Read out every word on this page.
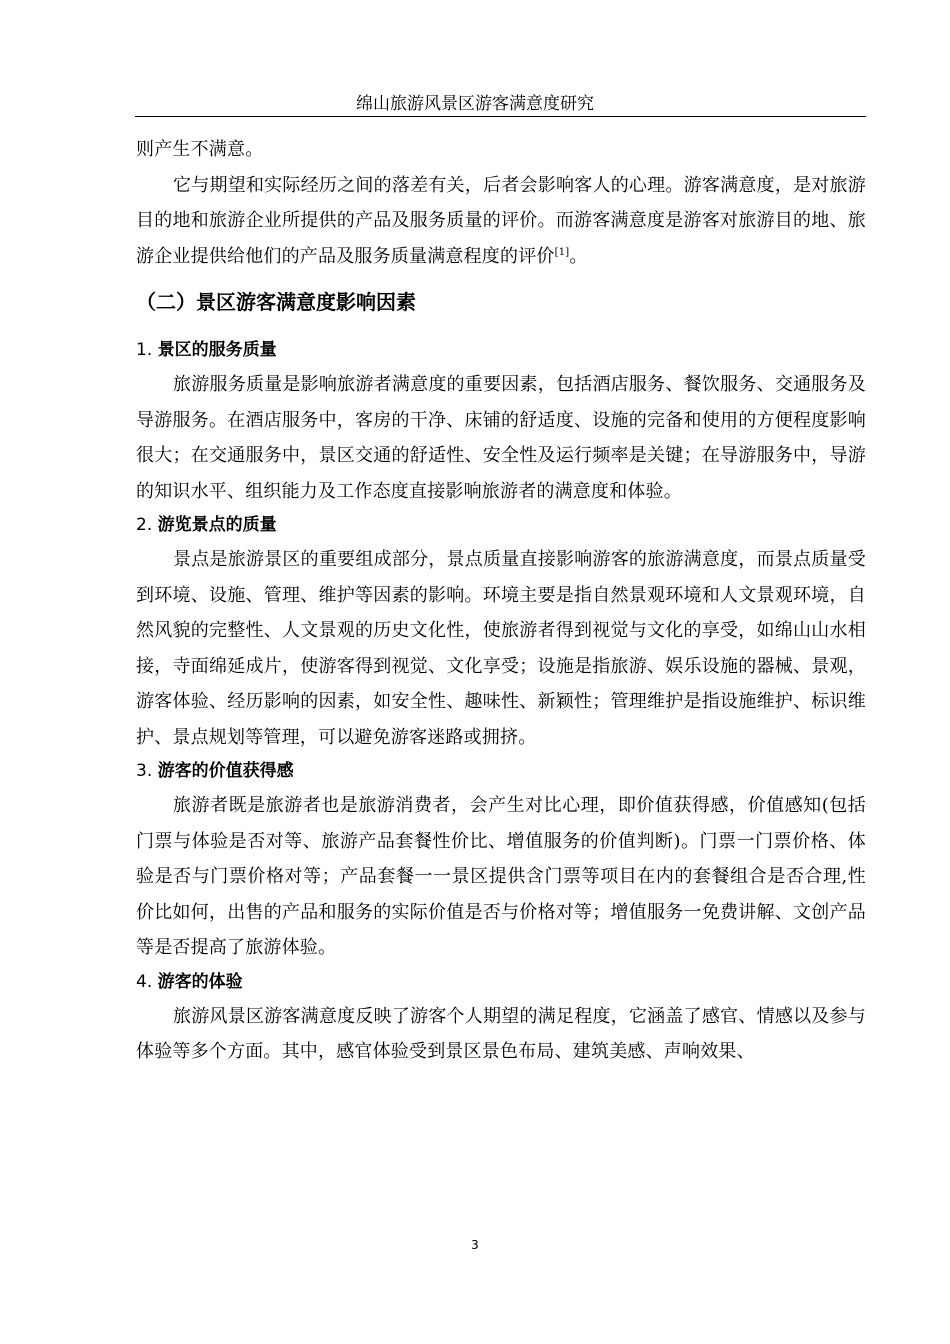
绵山旅游风景区游客满意度研究

则产生不满意。

它与期望和实际经历之间的落差有关，后者会影响客人的心理。游客满意度，是对旅游目的地和旅游企业所提供的产品及服务质量的评价。而游客满意度是游客对旅游目的地、旅游企业提供给他们的产品及服务质量满意程度的评价[1]。

（二）景区游客满意度影响因素

1. 景区的服务质量

旅游服务质量是影响旅游者满意度的重要因素，包括酒店服务、餐饮服务、交通服务及导游服务。在酒店服务中，客房的干净、床铺的舒适度、设施的完备和使用的方便程度影响很大；在交通服务中，景区交通的舒适性、安全性及运行频率是关键；在导游服务中，导游的知识水平、组织能力及工作态度直接影响旅游者的满意度和体验。

2. 游览景点的质量

景点是旅游景区的重要组成部分，景点质量直接影响游客的旅游满意度，而景点质量受到环境、设施、管理、维护等因素的影响。环境主要是指自然景观环境和人文景观环境，自然风貌的完整性、人文景观的历史文化性，使旅游者得到视觉与文化的享受，如绵山山水相接，寺面绵延成片，使游客得到视觉、文化享受；设施是指旅游、娱乐设施的器械、景观，游客体验、经历影响的因素，如安全性、趣味性、新颖性；管理维护是指设施维护、标识维护、景点规划等管理，可以避免游客迷路或拥挤。

3. 游客的价值获得感

旅游者既是旅游者也是旅游消费者，会产生对比心理，即价值获得感，价值感知(包括门票与体验是否对等、旅游产品套餐性价比、增值服务的价值判断)。门票一门票价格、体验是否与门票价格对等；产品套餐一一景区提供含门票等项目在内的套餐组合是否合理,性价比如何，出售的产品和服务的实际价值是否与价格对等；增值服务一免费讲解、文创产品等是否提高了旅游体验。

4. 游客的体验

旅游风景区游客满意度反映了游客个人期望的满足程度，它涵盖了感官、情感以及参与体验等多个方面。其中，感官体验受到景区景色布局、建筑美感、声响效果、

3
